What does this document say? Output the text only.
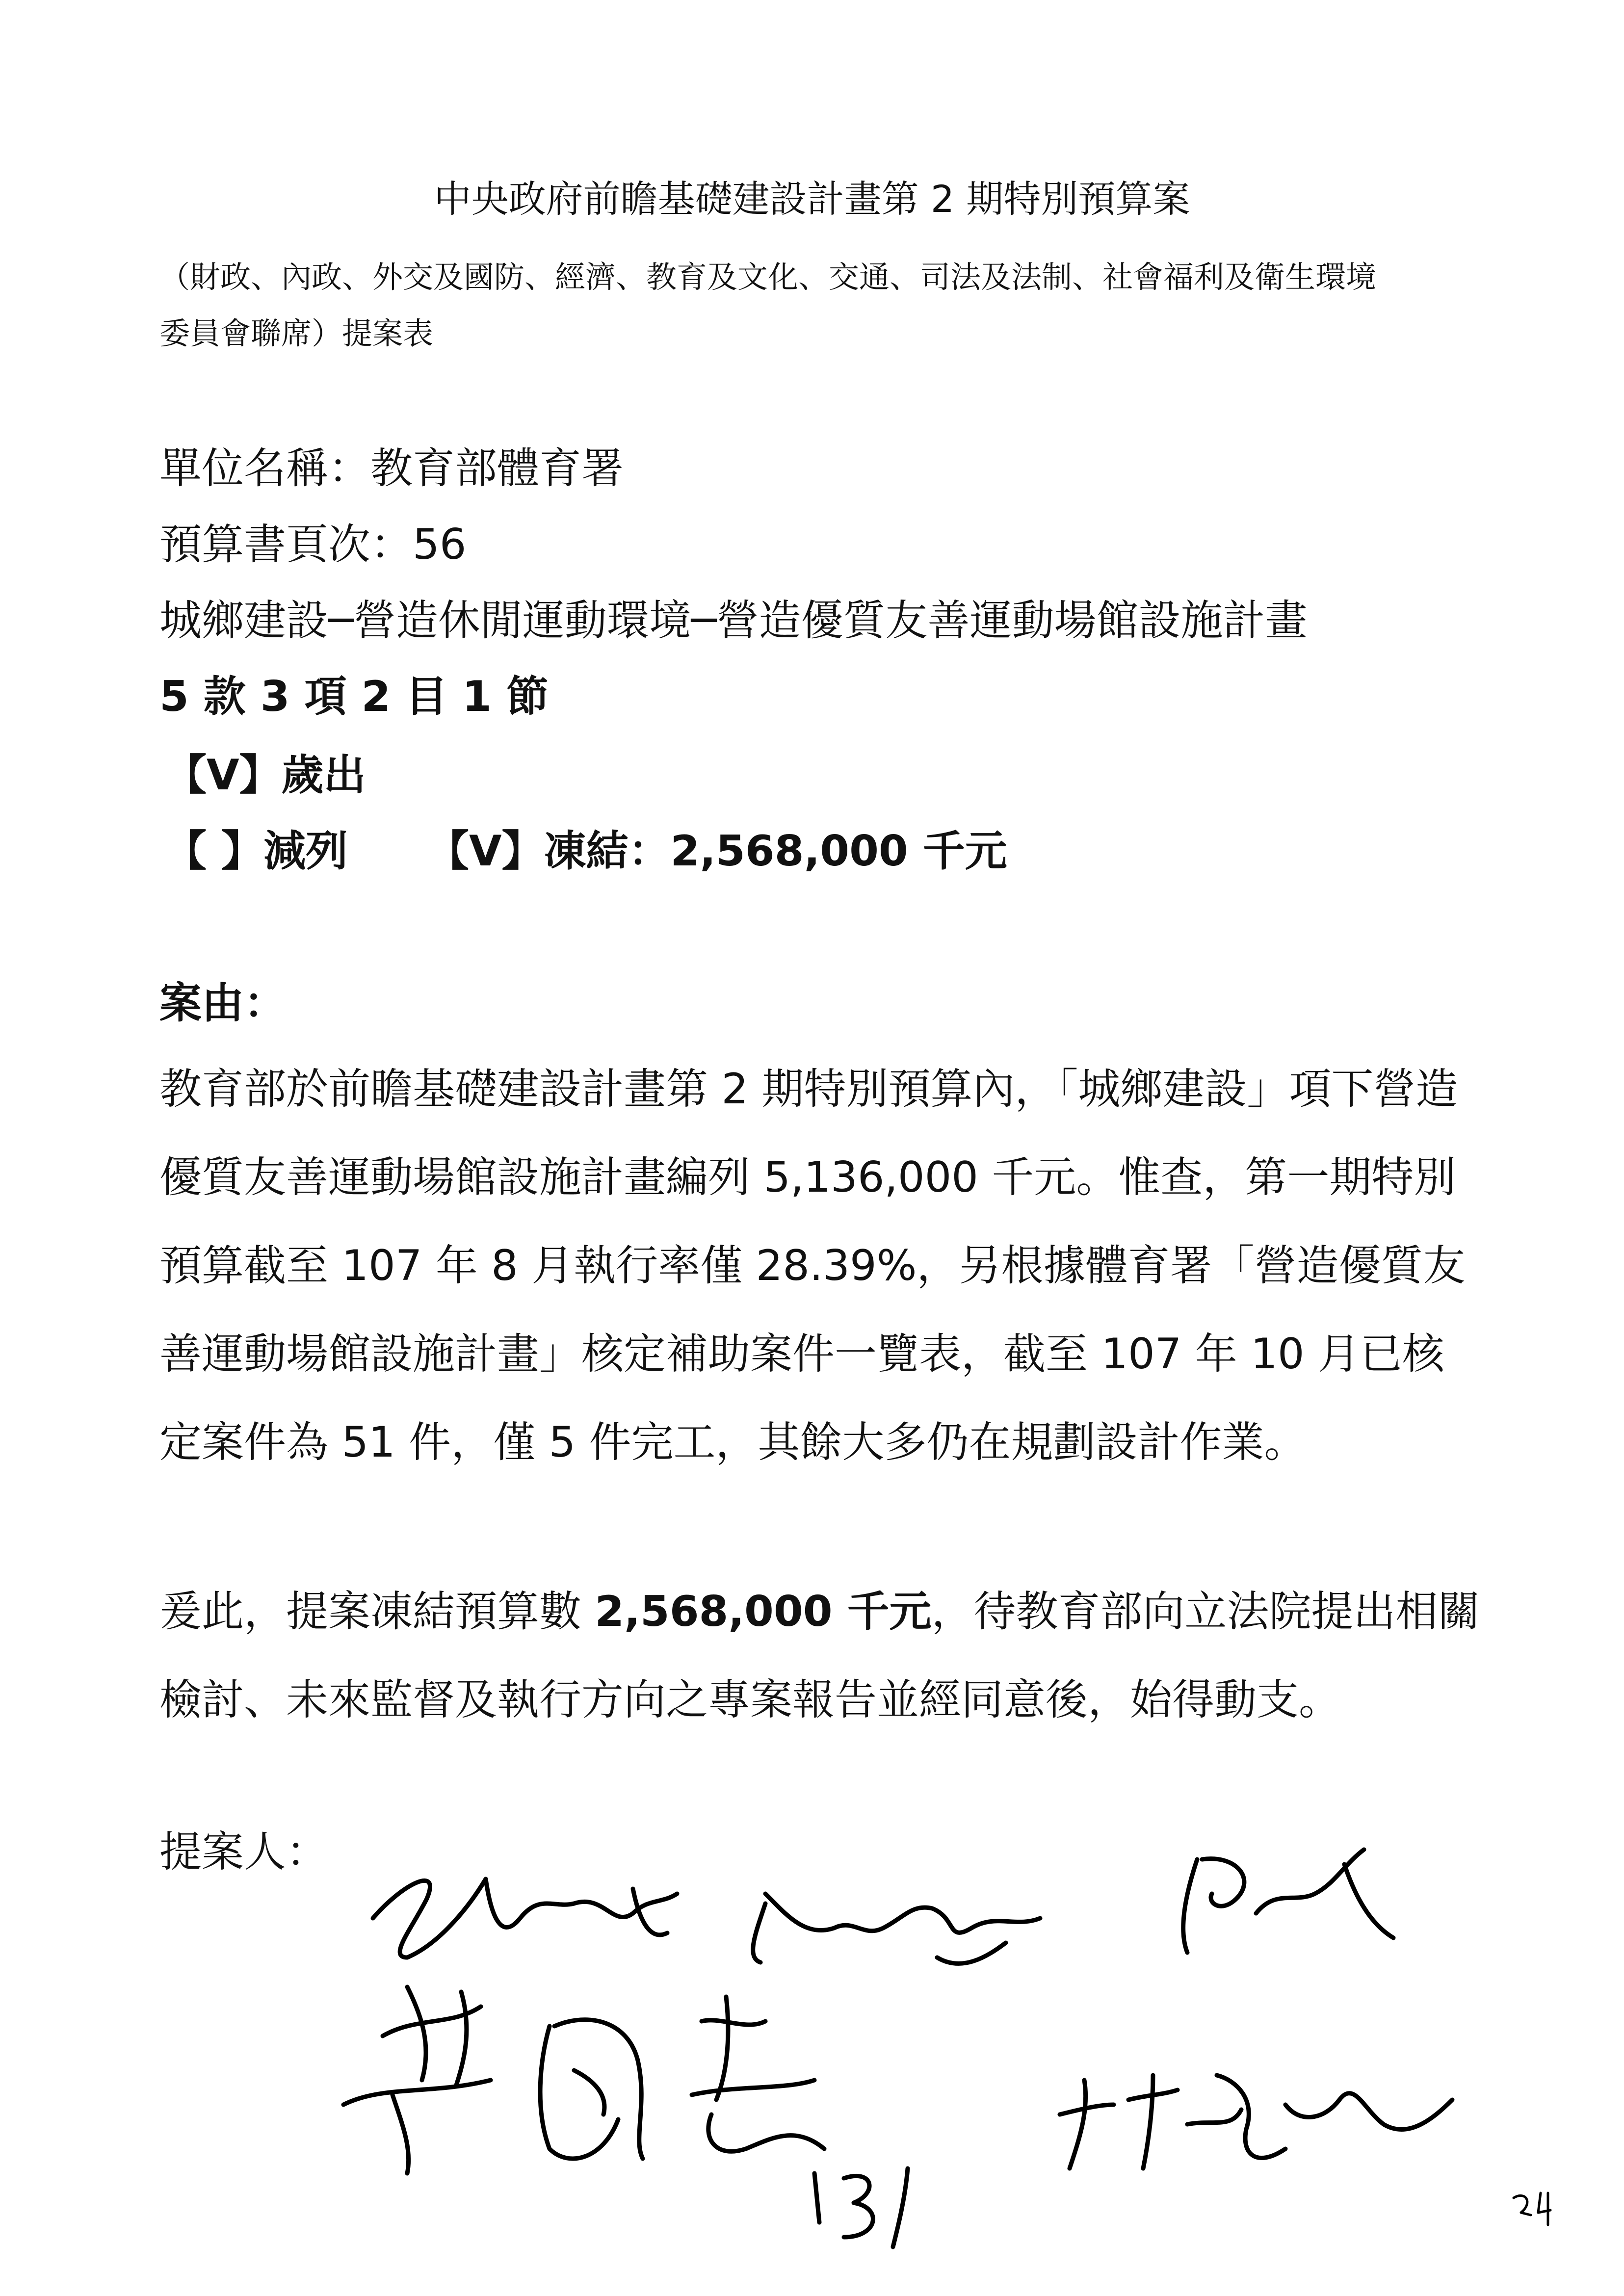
中央政府前瞻基礎建設計畫第 2 期特別預算案
（財政、內政、外交及國防、經濟、教育及文化、交通、司法及法制、社會福利及衛生環境
委員會聯席）提案表
單位名稱：教育部體育署
預算書頁次：56
城鄉建設─營造休閒運動環境─營造優質友善運動場館設施計畫
5 款 3 項 2 目 1 節
【V】歲出
【 】減列 【V】凍結：2,568,000 千元
案由：
教育部於前瞻基礎建設計畫第 2 期特別預算內，「城鄉建設」項下營造
優質友善運動場館設施計畫編列 5,136,000 千元。惟查，第一期特別
預算截至 107 年 8 月執行率僅 28.39%，另根據體育署「營造優質友
善運動場館設施計畫」核定補助案件一覽表，截至 107 年 10 月已核
定案件為 51 件，僅 5 件完工，其餘大多仍在規劃設計作業。
爰此，提案凍結預算數 2,568,000 千元，待教育部向立法院提出相關
檢討、未來監督及執行方向之專案報告並經同意後，始得動支。
提案人：
